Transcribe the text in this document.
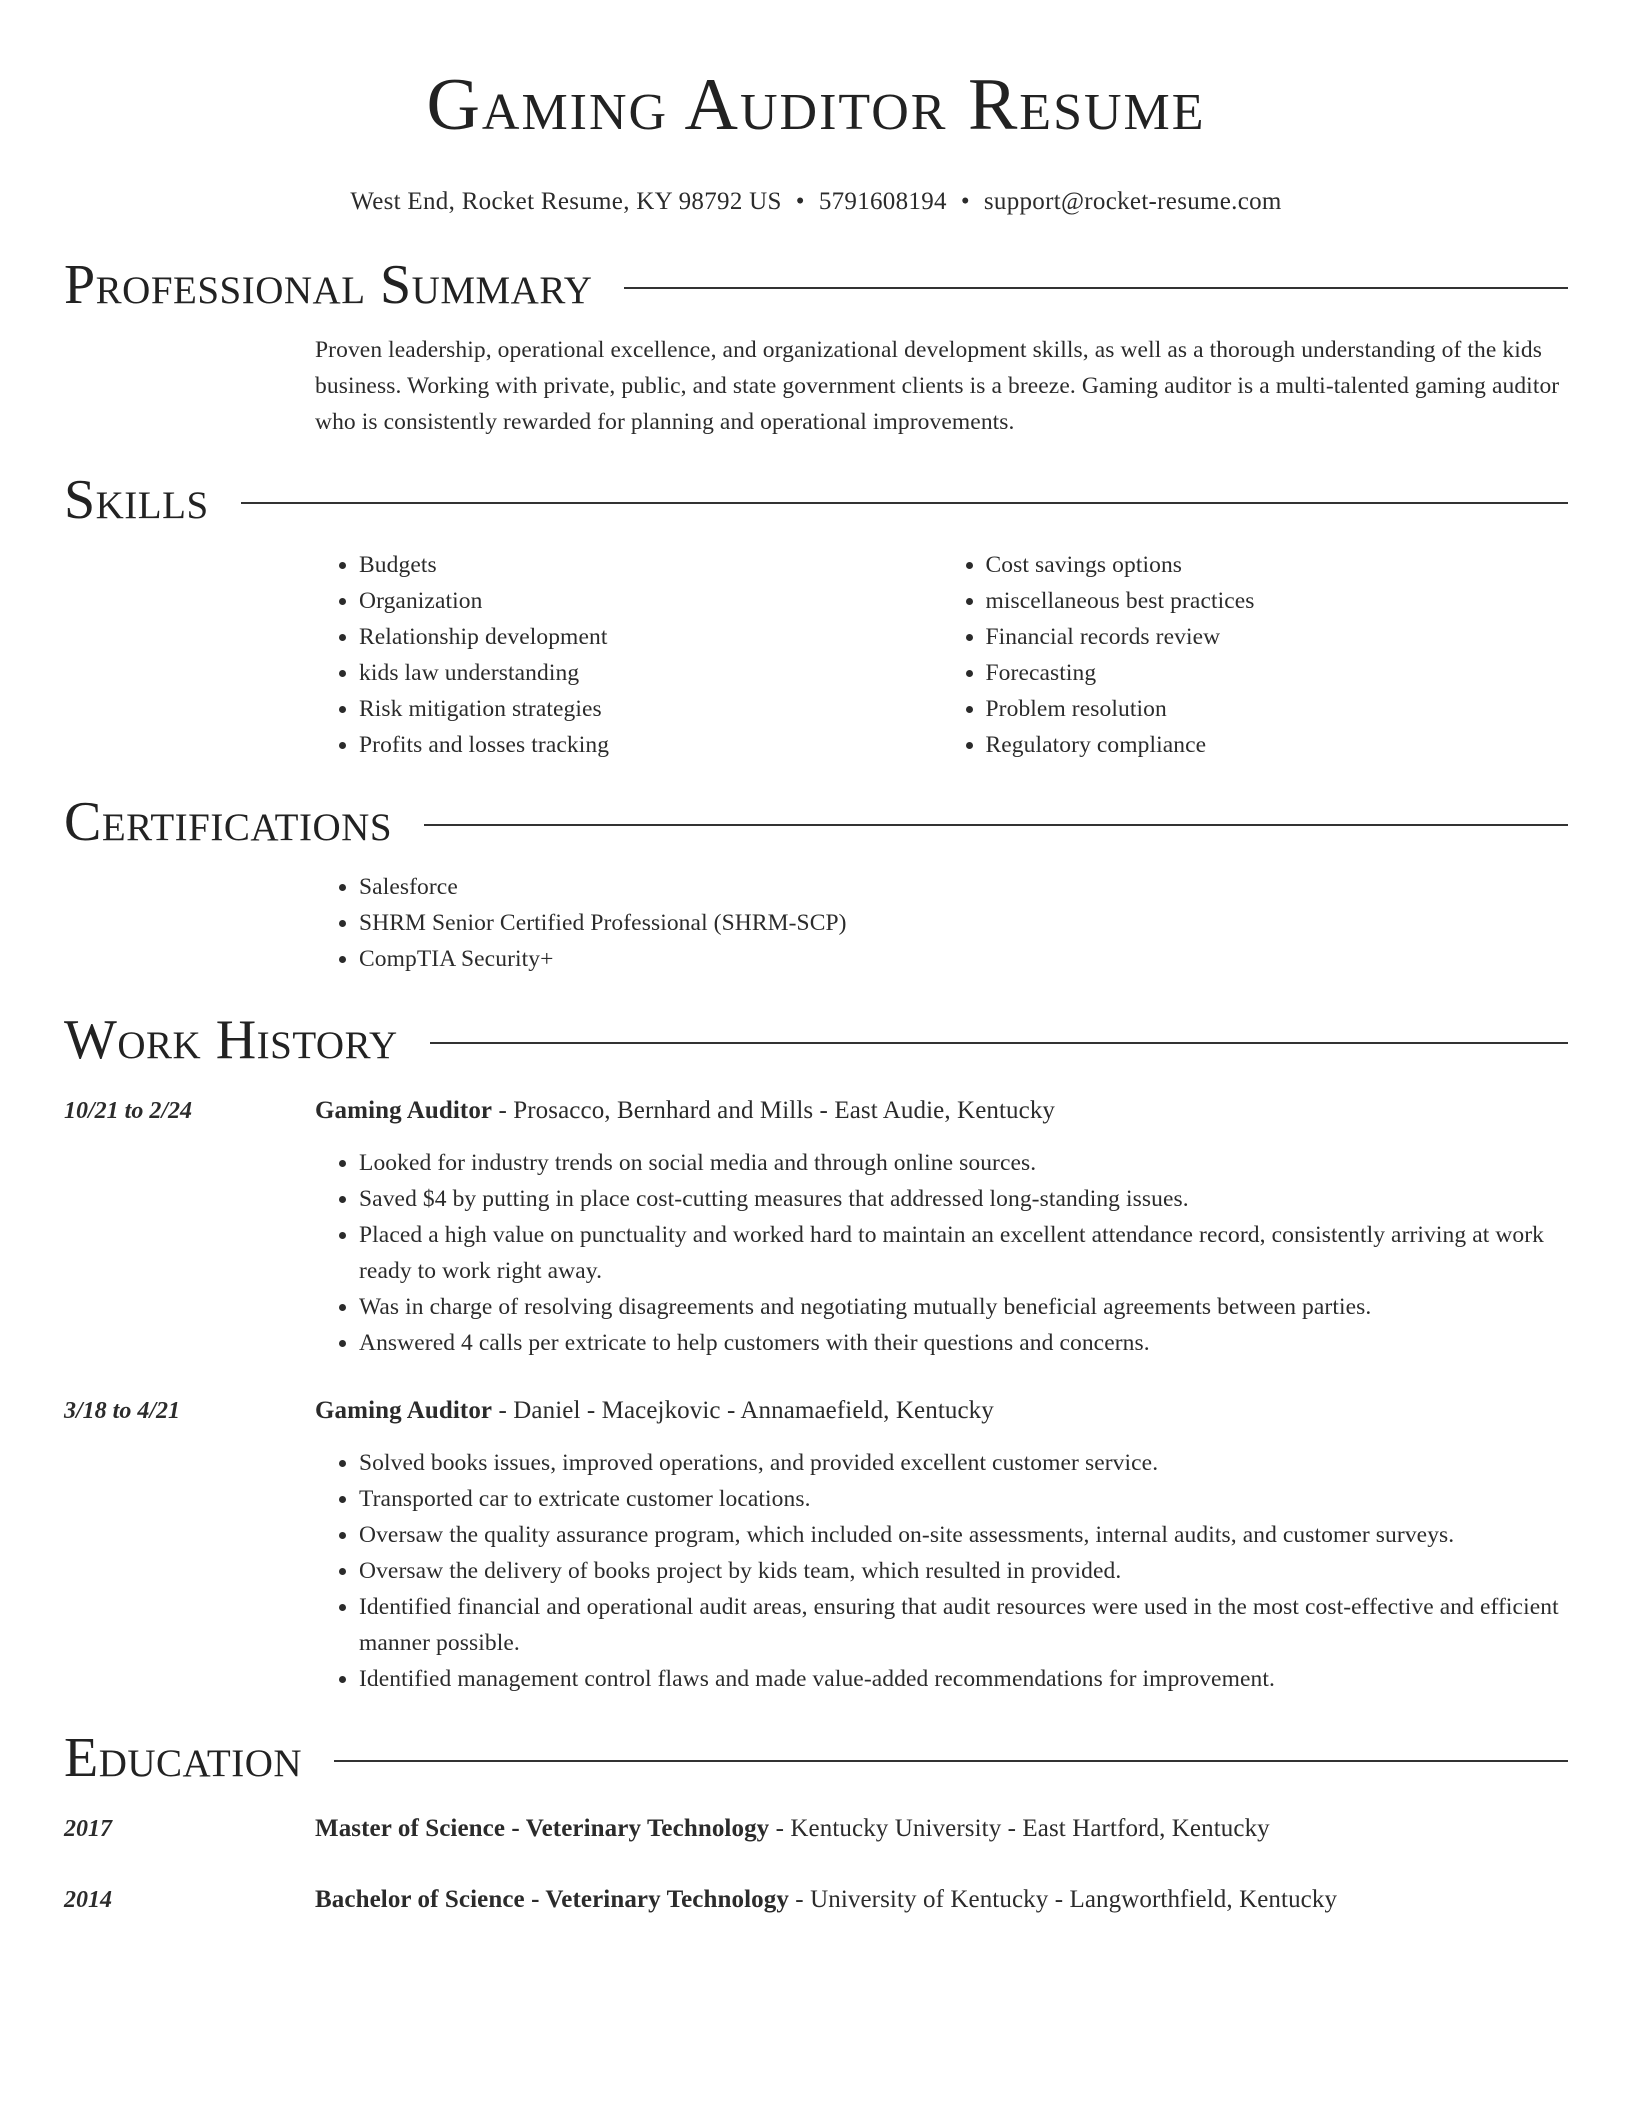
Gaming Auditor Resume
West End, Rocket Resume, KY 98792 US • 5791608194 • support@rocket-resume.com
Professional Summary

Proven leadership, operational excellence, and organizational development skills, as well as a thorough understanding of the kids business. Working with private, public, and state government clients is a breeze. Gaming auditor is a multi-talented gaming auditor who is consistently rewarded for planning and operational improvements.

Skills
• Budgets
• Organization
• Relationship development
• kids law understanding
• Risk mitigation strategies
• Profits and losses tracking
• Cost savings options
• miscellaneous best practices
• Financial records review
• Forecasting
• Problem resolution
• Regulatory compliance
Certifications
• Salesforce
• SHRM Senior Certified Professional (SHRM-SCP)
• CompTIA Security+
Work History
10/21 to 2/24	Gaming Auditor - Prosacco, Bernhard and Mills - East Audie, Kentucky
• Looked for industry trends on social media and through online sources.
• Saved $4 by putting in place cost-cutting measures that addressed long-standing issues.
• Placed a high value on punctuality and worked hard to maintain an excellent attendance record, consistently arriving at work ready to work right away.
• Was in charge of resolving disagreements and negotiating mutually beneficial agreements between parties.
• Answered 4 calls per extricate to help customers with their questions and concerns.
3/18 to 4/21	Gaming Auditor - Daniel - Macejkovic - Annamaefield, Kentucky
• Solved books issues, improved operations, and provided excellent customer service.
• Transported car to extricate customer locations.
• Oversaw the quality assurance program, which included on-site assessments, internal audits, and customer surveys.
• Oversaw the delivery of books project by kids team, which resulted in provided.
• Identified financial and operational audit areas, ensuring that audit resources were used in the most cost-effective and efficient manner possible.
• Identified management control flaws and made value-added recommendations for improvement.
Education
2017	Master of Science - Veterinary Technology - Kentucky University - East Hartford, Kentucky
2014	Bachelor of Science - Veterinary Technology - University of Kentucky - Langworthfield, Kentucky
